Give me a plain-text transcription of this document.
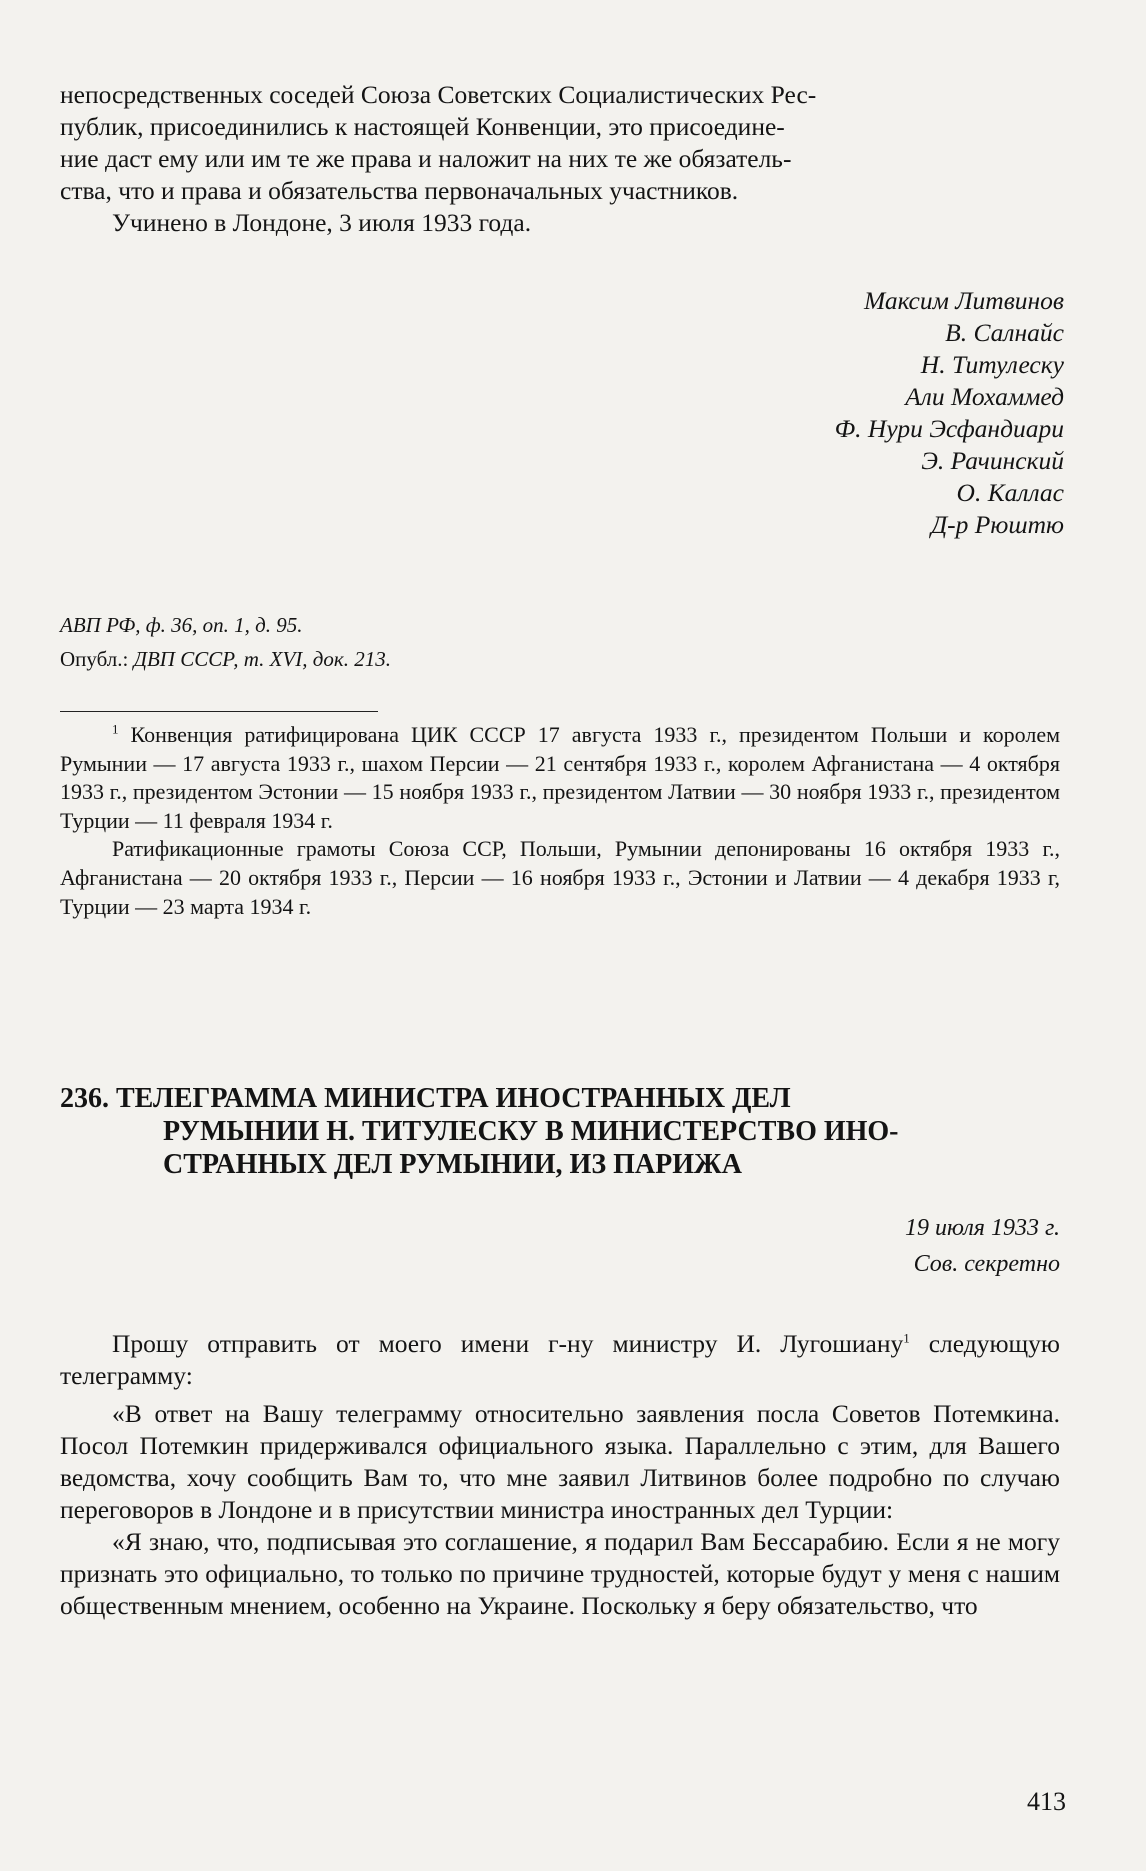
непосредственных соседей Союза Советских Социалистических Рес-

публик, присоединились к настоящей Конвенции, это присоедине-

ние даст ему или им те же права и наложит на них те же обязатель-

ства, что и права и обязательства первоначальных участников.

Учинено в Лондоне, 3 июля 1933 года.

Максим Литвинов
В. Салнайс
Н. Титулеску
Али Мохаммед
Ф. Нури Эсфандиари
Э. Рачинский
О. Каллас
Д-р Рюштю
АВП РФ, ф. 36, оп. 1, д. 95.
Опубл.: ДВП СССР, т. XVI, док. 213.

$^1$ Конвенция ратифицирована ЦИК СССР 17 августа 1933 г., президентом Польши и королем Румынии — 17 августа 1933 г., шахом Персии — 21 сентября 1933 г., королем Афганистана — 4 октября 1933 г., президентом Эстонии — 15 ноября 1933 г., президентом Латвии — 30 ноября 1933 г., президентом Турции — 11 февраля 1934 г.

Ратификационные грамоты Союза ССР, Польши, Румынии депонированы 16 октября 1933 г., Афганистана — 20 октября 1933 г., Персии — 16 ноября 1933 г., Эстонии и Латвии — 4 декабря 1933 г, Турции — 23 марта 1934 г.

236. ТЕЛЕГРАММА МИНИСТРА ИНОСТРАННЫХ ДЕЛ

РУМЫНИИ Н. ТИТУЛЕСКУ В МИНИСТЕРСТВО ИНО-

СТРАННЫХ ДЕЛ РУМЫНИИ, ИЗ ПАРИЖА

19 июля 1933 г.
Сов. секретно

Прошу отправить от моего имени г-ну министру И. Лугошиану$^1$ следующую телеграмму:

«В ответ на Вашу телеграмму относительно заявления посла Советов Потемкина. Посол Потемкин придерживался официального языка. Параллельно с этим, для Вашего ведомства, хочу сообщить Вам то, что мне заявил Литвинов более подробно по случаю переговоров в Лондоне и в присутствии министра иностранных дел Турции:

«Я знаю, что, подписывая это соглашение, я подарил Вам Бессарабию. Если я не могу признать это официально, то только по причине трудностей, которые будут у меня с нашим общественным мнением, особенно на Украине. Поскольку я беру обязательство, что

413
